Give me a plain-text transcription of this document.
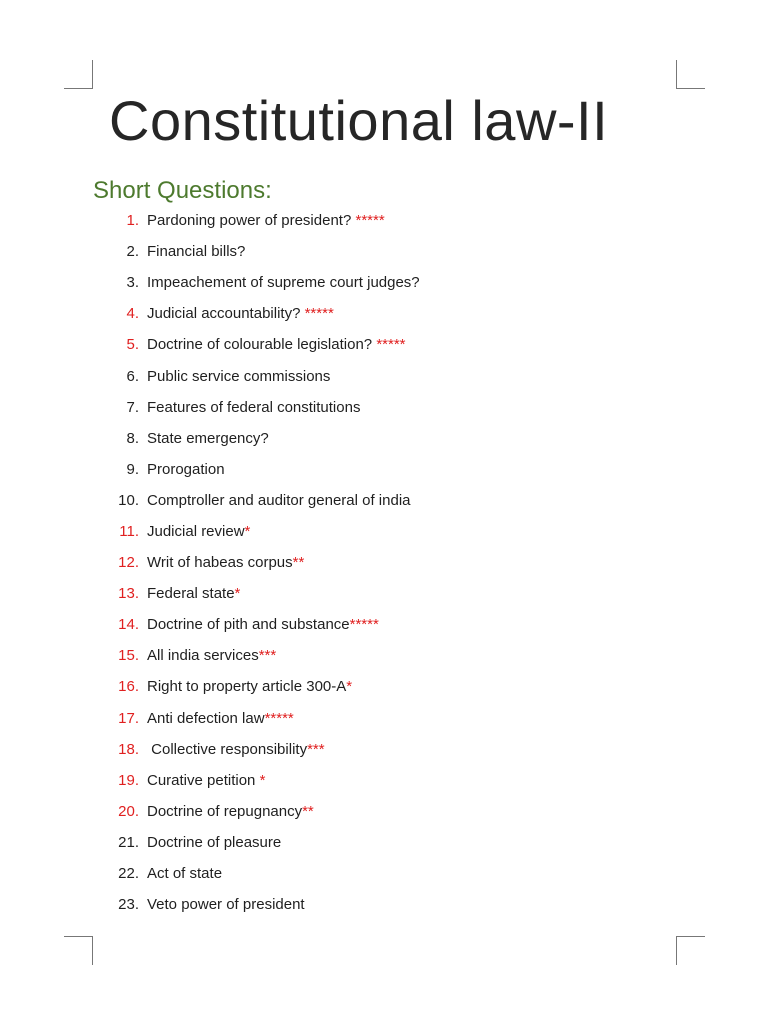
Constitutional law-II
Short Questions:
1. Pardoning power of president? *****
2. Financial bills?
3. Impeachement of supreme court judges?
4. Judicial accountability? *****
5. Doctrine of colourable legislation? *****
6. Public service commissions
7. Features of federal constitutions
8. State emergency?
9. Prorogation
10. Comptroller and auditor general of india
11. Judicial review*
12. Writ of habeas corpus**
13. Federal state*
14. Doctrine of pith and substance*****
15. All india services***
16. Right to property article 300-A*
17. Anti defection law*****
18. Collective responsibility***
19. Curative petition *
20. Doctrine of repugnancy**
21. Doctrine of pleasure
22. Act of state
23. Veto power of president
